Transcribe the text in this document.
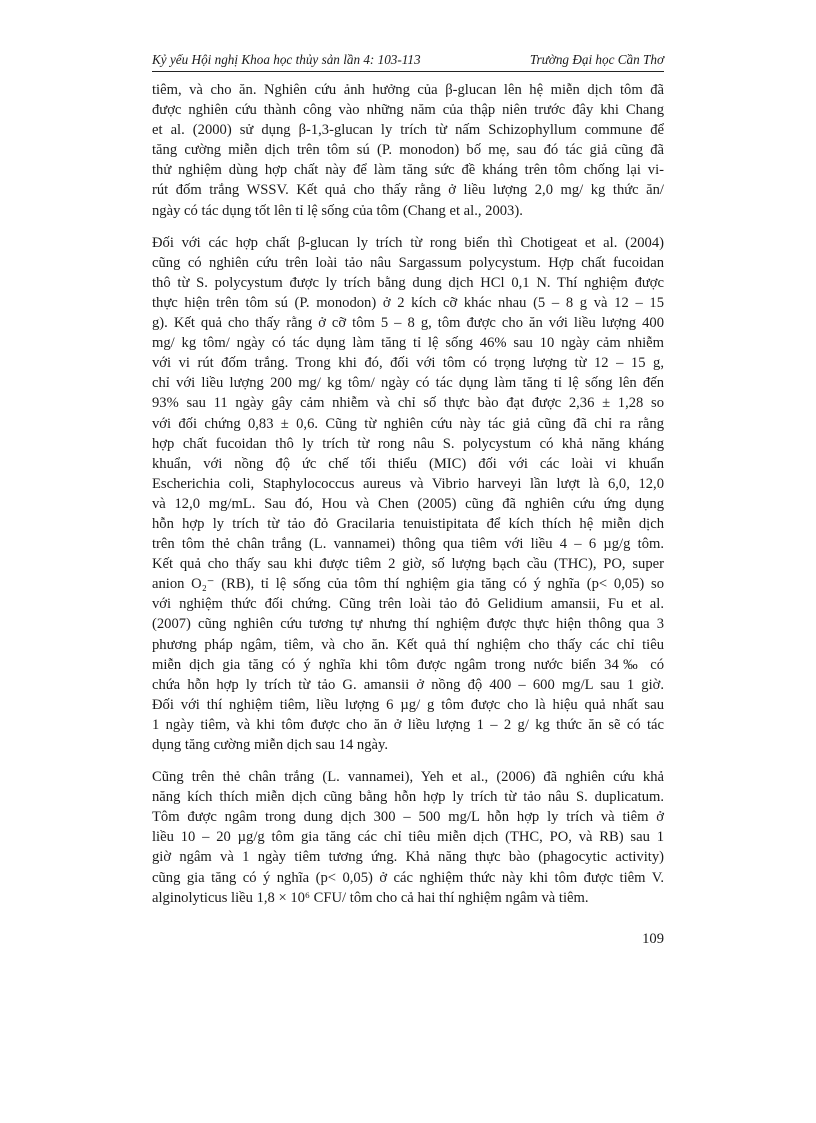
Kỷ yếu Hội nghị Khoa học thủy sản lần 4: 103-113	Trường Đại học Cần Thơ

tiêm, và cho ăn. Nghiên cứu ảnh hưởng của β-glucan lên hệ miễn dịch tôm đã
được nghiên cứu thành công vào những năm của thập niên trước đây khi Chang
et al. (2000) sử dụng β-1,3-glucan ly trích từ nấm Schizophyllum commune để
tăng cường miễn dịch trên tôm sú (P. monodon) bố mẹ, sau đó tác giả cũng đã
thử nghiệm dùng hợp chất này để làm tăng sức đề kháng trên tôm chống lại vi-
rút đốm trắng WSSV. Kết quả cho thấy rằng ở liều lượng 2,0 mg/ kg thức ăn/
ngày có tác dụng tốt lên tỉ lệ sống của tôm (Chang et al., 2003).

Đối với các hợp chất β-glucan ly trích từ rong biển thì Chotigeat et al. (2004)
cũng có nghiên cứu trên loài tảo nâu Sargassum polycystum. Hợp chất fucoidan
thô từ S. polycystum được ly trích bằng dung dịch HCl 0,1 N. Thí nghiệm được
thực hiện trên tôm sú (P. monodon) ở 2 kích cỡ khác nhau (5 – 8 g và 12 – 15
g). Kết quả cho thấy rằng ở cỡ tôm 5 – 8 g, tôm được cho ăn với liều lượng 400
mg/ kg tôm/ ngày có tác dụng làm tăng tỉ lệ sống 46% sau 10 ngày cảm nhiễm
với vi rút đốm trắng. Trong khi đó, đối với tôm có trọng lượng từ 12 – 15 g,
chỉ với liều lượng 200 mg/ kg tôm/ ngày có tác dụng làm tăng tỉ lệ sống lên đến
93% sau 11 ngày gây cảm nhiễm và chỉ số thực bào đạt được 2,36 ± 1,28 so
với đối chứng 0,83 ± 0,6. Cũng từ nghiên cứu này tác giả cũng đã chỉ ra rằng
hợp chất fucoidan thô ly trích từ rong nâu S. polycystum có khả năng kháng
khuẩn, với nồng độ ức chế tối thiểu (MIC) đối với các loài vi khuẩn
Escherichia coli, Staphylococcus aureus và Vibrio harveyi lần lượt là 6,0, 12,0
và 12,0 mg/mL. Sau đó, Hou và Chen (2005) cũng đã nghiên cứu ứng dụng
hỗn hợp ly trích từ tảo đỏ Gracilaria tenuistipitata để kích thích hệ miễn dịch
trên tôm thẻ chân trắng (L. vannamei) thông qua tiêm với liều 4 – 6 µg/g tôm.
Kết quả cho thấy sau khi được tiêm 2 giờ, số lượng bạch cầu (THC), PO, super
anion O₂⁻ (RB), tỉ lệ sống của tôm thí nghiệm gia tăng có ý nghĩa (p< 0,05) so
với nghiệm thức đối chứng. Cũng trên loài tảo đỏ Gelidium amansii, Fu et al.
(2007) cũng nghiên cứu tương tự nhưng thí nghiệm được thực hiện thông qua 3
phương pháp ngâm, tiêm, và cho ăn. Kết quả thí nghiệm cho thấy các chỉ tiêu
miễn dịch gia tăng có ý nghĩa khi tôm được ngâm trong nước biển 34‰ có
chứa hỗn hợp ly trích từ tảo G. amansii ở nồng độ 400 – 600 mg/L sau 1 giờ.
Đối với thí nghiệm tiêm, liều lượng 6 µg/ g tôm được cho là hiệu quả nhất sau
1 ngày tiêm, và khi tôm được cho ăn ở liều lượng 1 – 2 g/ kg thức ăn sẽ có tác
dụng tăng cường miễn dịch sau 14 ngày.

Cũng trên thẻ chân trắng (L. vannamei), Yeh et al., (2006) đã nghiên cứu khả
năng kích thích miễn dịch cũng bằng hỗn hợp ly trích từ tảo nâu S. duplicatum.
Tôm được ngâm trong dung dịch 300 – 500 mg/L hỗn hợp ly trích và tiêm ở
liều 10 – 20 µg/g tôm gia tăng các chỉ tiêu miễn dịch (THC, PO, và RB) sau 1
giờ ngâm và 1 ngày tiêm tương ứng. Khả năng thực bào (phagocytic activity)
cũng gia tăng có ý nghĩa (p< 0,05) ở các nghiệm thức này khi tôm được tiêm V.
alginolyticus liều 1,8 × 10⁶ CFU/ tôm cho cả hai thí nghiệm ngâm và tiêm.

109
